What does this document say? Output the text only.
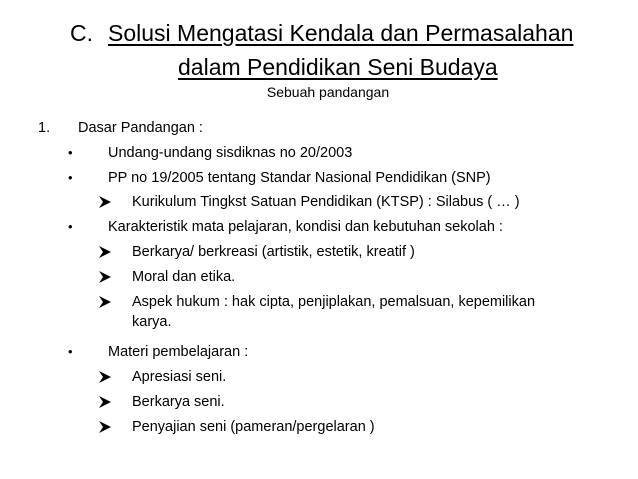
C. Solusi Mengatasi Kendala dan Permasalahan
dalam Pendidikan Seni Budaya
Sebuah pandangan
1. Dasar Pandangan :
• Undang-undang sisdiknas no 20/2003
• PP no 19/2005 tentang Standar Nasional Pendidikan (SNP)
Kurikulum Tingkst Satuan Pendidikan (KTSP) : Silabus ( … )
• Karakteristik mata pelajaran, kondisi dan kebutuhan sekolah :
Berkarya/ berkreasi (artistik, estetik, kreatif )
Moral dan etika.
Aspek hukum : hak cipta, penjiplakan, pemalsuan, kepemilikan
karya.
• Materi pembelajaran :
Apresiasi seni.
Berkarya seni.
Penyajian seni (pameran/pergelaran )
